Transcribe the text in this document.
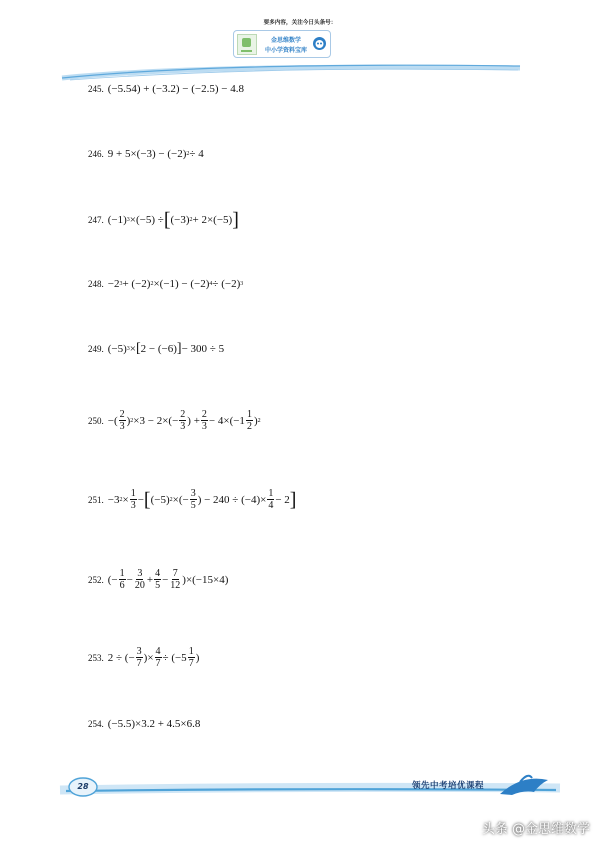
要多内容，关注今日头条号：
金思维数学
中小学资料宝库
245. (−5.54) + (−3.2) − (−2.5) − 4.8
246. 9 + 5×(−3) − (−2) 2 ÷ 4
247. (−1) 3 ×(−5) ÷ [ (−3) 2 + 2×(−5) ]
248. −2 3 + (−2) 2 ×(−1) − (−2) 4 ÷ (−2) 3
249. (−5) 3 × [ 2 − (−6) ] − 300 ÷ 5
250. −( $\frac{2}{3}$ ) $2 \times 3 - 2\times(- \frac{2}{3}$ ) + $\frac{2}{3} - 4\times(-1 \frac{1}{2}$ ) 2
251. −3 $2 \times \frac{1}{3}$ − [ (−5) 2 ×(− $\frac{3}{5}$ ) − $240 \div (-4)\times \frac{1}{4} - 2$ ]
252. (− $\frac{1}{6} - \frac{3}{20} + \frac{4}{5} - \frac{7}{12} )\times(-15\times 4)$
253. 2 ÷ (− $\frac{3}{7}$ )× $\frac{4}{7} \div (-5 \frac{1}{7}$ )
254. (−5.5)×3.2 + 4.5×6.8
28	领先中考培优课程
头条 @金思维数学
